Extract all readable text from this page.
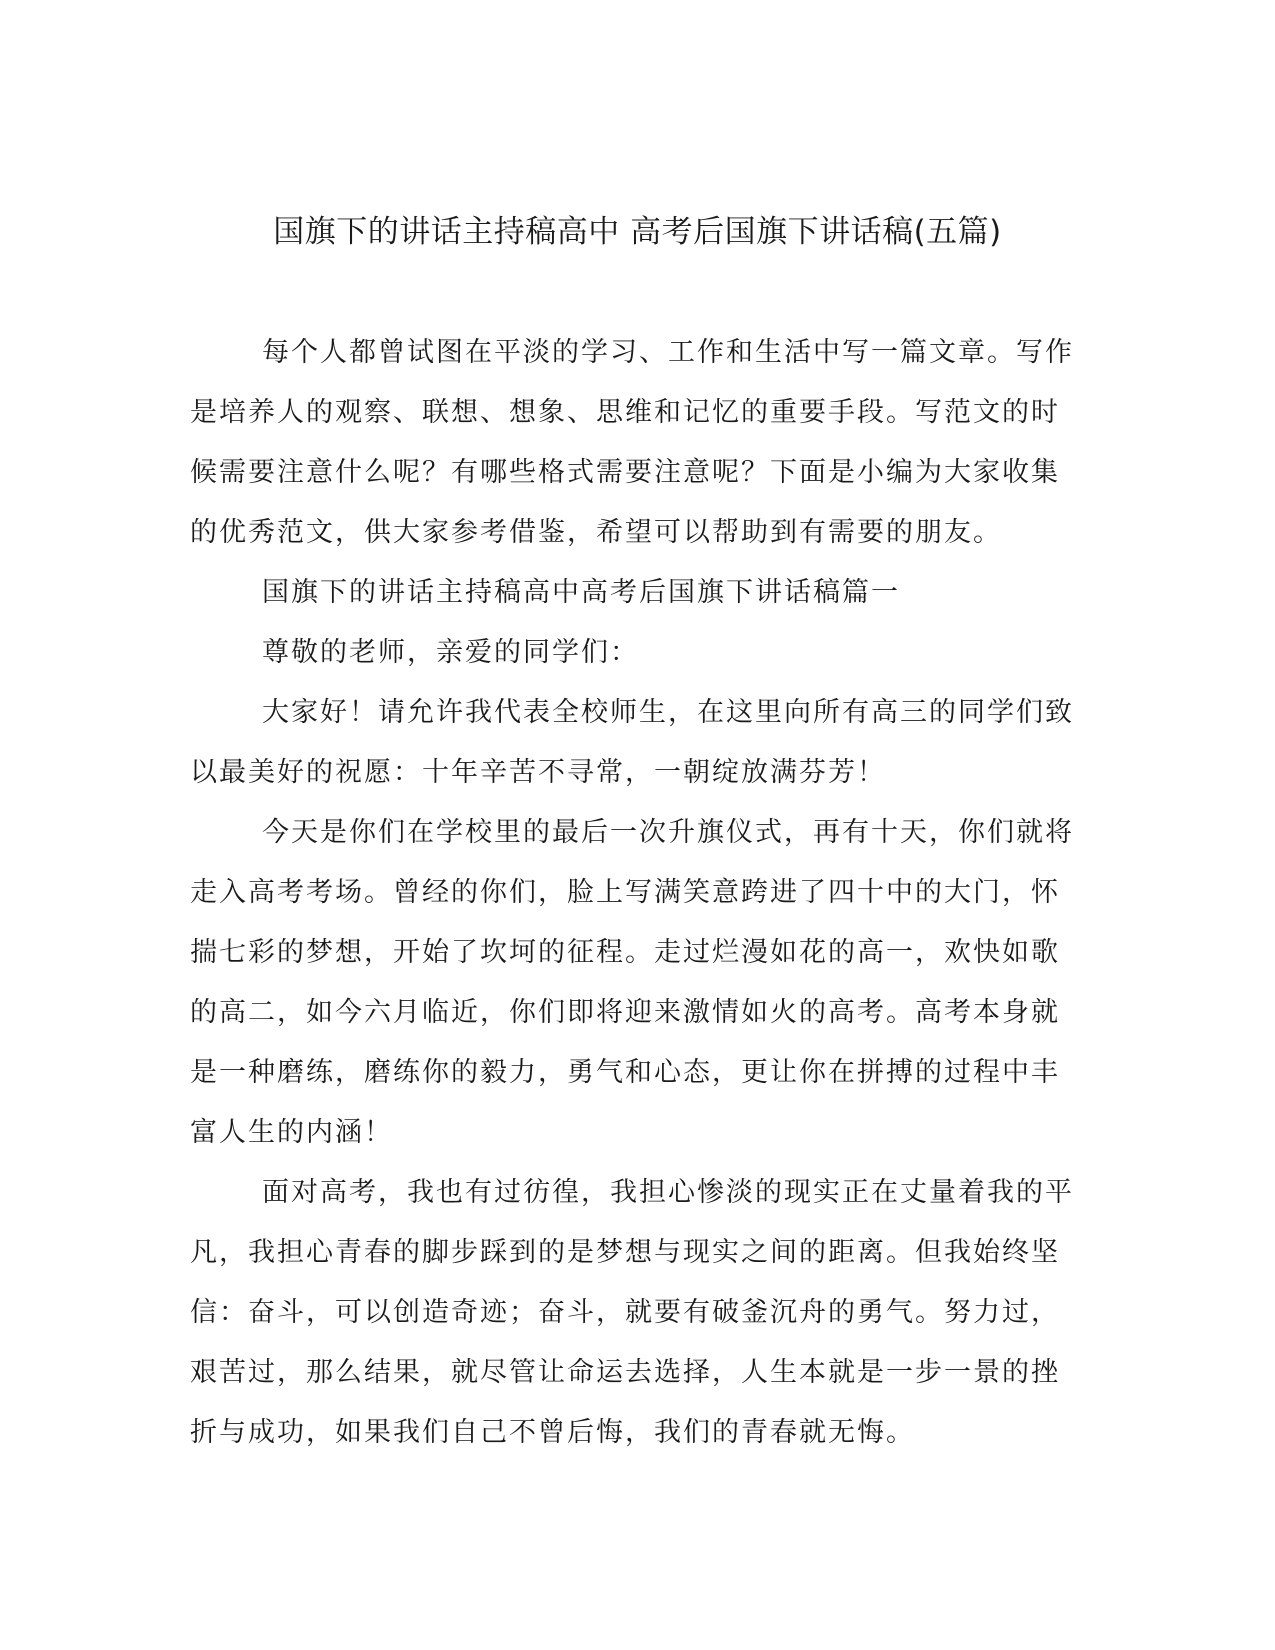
国旗下的讲话主持稿高中 高考后国旗下讲话稿(五篇)
每个人都曾试图在平淡的学习、工作和生活中写一篇文章。写作
是培养人的观察、联想、想象、思维和记忆的重要手段。写范文的时
候需要注意什么呢？有哪些格式需要注意呢？下面是小编为大家收集
的优秀范文，供大家参考借鉴，希望可以帮助到有需要的朋友。
国旗下的讲话主持稿高中高考后国旗下讲话稿篇一
尊敬的老师，亲爱的同学们：
大家好！请允许我代表全校师生，在这里向所有高三的同学们致
以最美好的祝愿：十年辛苦不寻常，一朝绽放满芬芳！
今天是你们在学校里的最后一次升旗仪式，再有十天，你们就将
走入高考考场。曾经的你们，脸上写满笑意跨进了四十中的大门，怀
揣七彩的梦想，开始了坎坷的征程。走过烂漫如花的高一，欢快如歌
的高二，如今六月临近，你们即将迎来激情如火的高考。高考本身就
是一种磨练，磨练你的毅力，勇气和心态，更让你在拼搏的过程中丰
富人生的内涵！
面对高考，我也有过彷徨，我担心惨淡的现实正在丈量着我的平
凡，我担心青春的脚步踩到的是梦想与现实之间的距离。但我始终坚
信：奋斗，可以创造奇迹；奋斗，就要有破釜沉舟的勇气。努力过，
艰苦过，那么结果，就尽管让命运去选择，人生本就是一步一景的挫
折与成功，如果我们自己不曾后悔，我们的青春就无悔。
